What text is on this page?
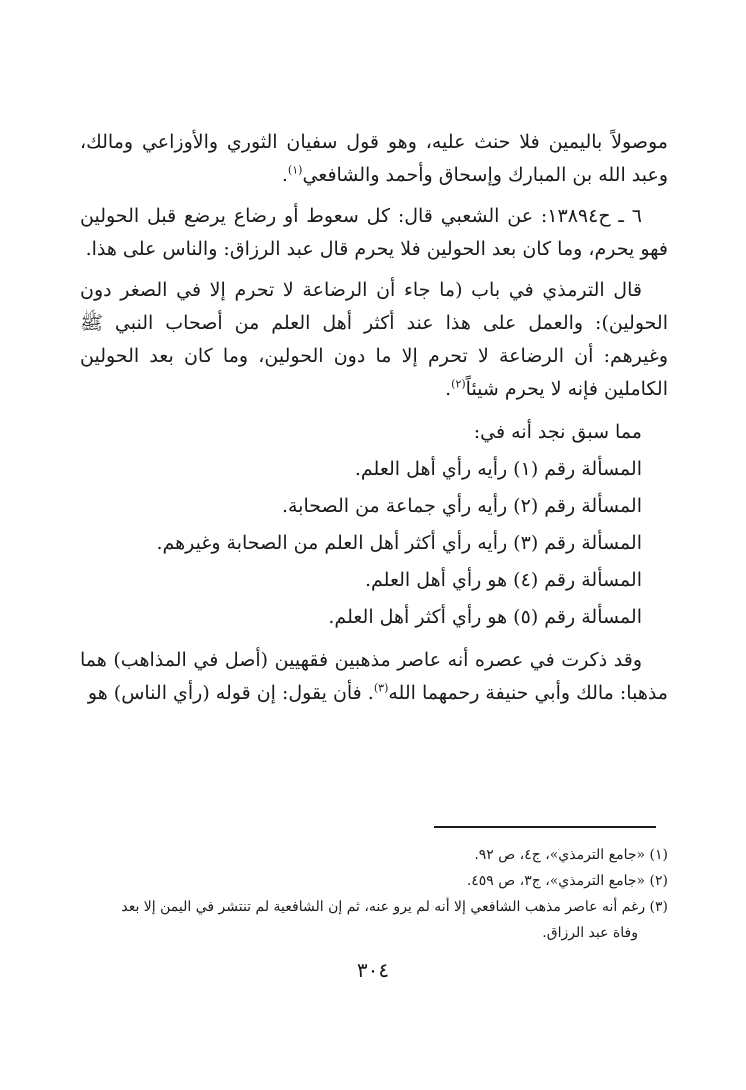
موصولاً باليمين فلا حنث عليه، وهو قول سفيان الثوري والأوزاعي ومالك، وعبد الله بن المبارك وإسحاق وأحمد والشافعي$^{(١)}$.

٦ ـ ح١٣٨٩٤: عن الشعبي قال: كل سعوط أو رضاع يرضع قبل الحولين فهو يحرم، وما كان بعد الحولين فلا يحرم قال عبد الرزاق: والناس على هذا.

قال الترمذي في باب (ما جاء أن الرضاعة لا تحرم إلا في الصغر دون الحولين): والعمل على هذا عند أكثر أهل العلم من أصحاب النبي ﷺ وغيرهم: أن الرضاعة لا تحرم إلا ما دون الحولين، وما كان بعد الحولين الكاملين فإنه لا يحرم شيئاً$^{(٢)}$.

مما سبق نجد أنه في:

المسألة رقم (١) رأيه رأي أهل العلم.

المسألة رقم (٢) رأيه رأي جماعة من الصحابة.

المسألة رقم (٣) رأيه رأي أكثر أهل العلم من الصحابة وغيرهم.

المسألة رقم (٤) هو رأي أهل العلم.

المسألة رقم (٥) هو رأي أكثر أهل العلم.

وقد ذكرت في عصره أنه عاصر مذهبين فقهيين (أصل في المذاهب) هما مذهبا: مالك وأبي حنيفة رحمهما الله$^{(٣)}$. فأن يقول: إن قوله (رأي الناس) هو

(١) «جامع الترمذي»، ج٤، ص ٩٢.

(٢) «جامع الترمذي»، ج٣، ص ٤٥٩.

(٣) رغم أنه عاصر مذهب الشافعي إلا أنه لم يرو عنه، ثم إن الشافعية لم تنتشر في اليمن إلا بعد

وفاة عبد الرزاق.

٣٠٤
